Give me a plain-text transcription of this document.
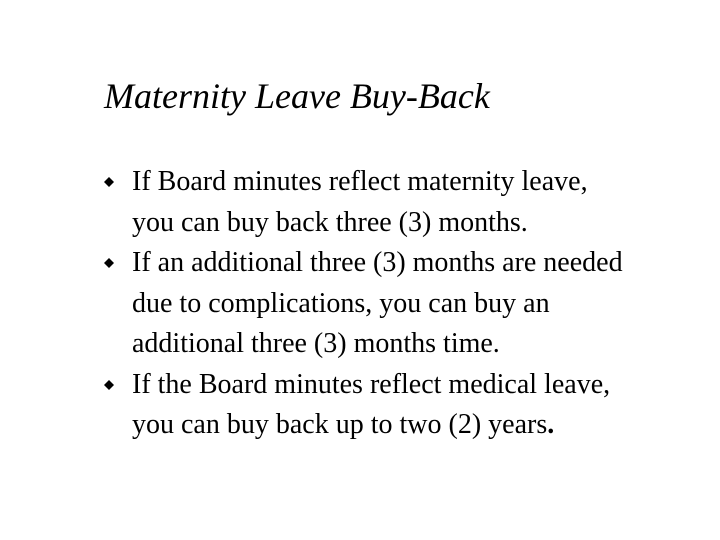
Maternity Leave Buy-Back
If Board minutes reflect maternity leave,
you can buy back three (3) months.
If an additional three (3) months are needed
due to complications, you can buy an
additional three (3) months time.
If the Board minutes reflect medical leave,
you can buy back up to two (2) years.
